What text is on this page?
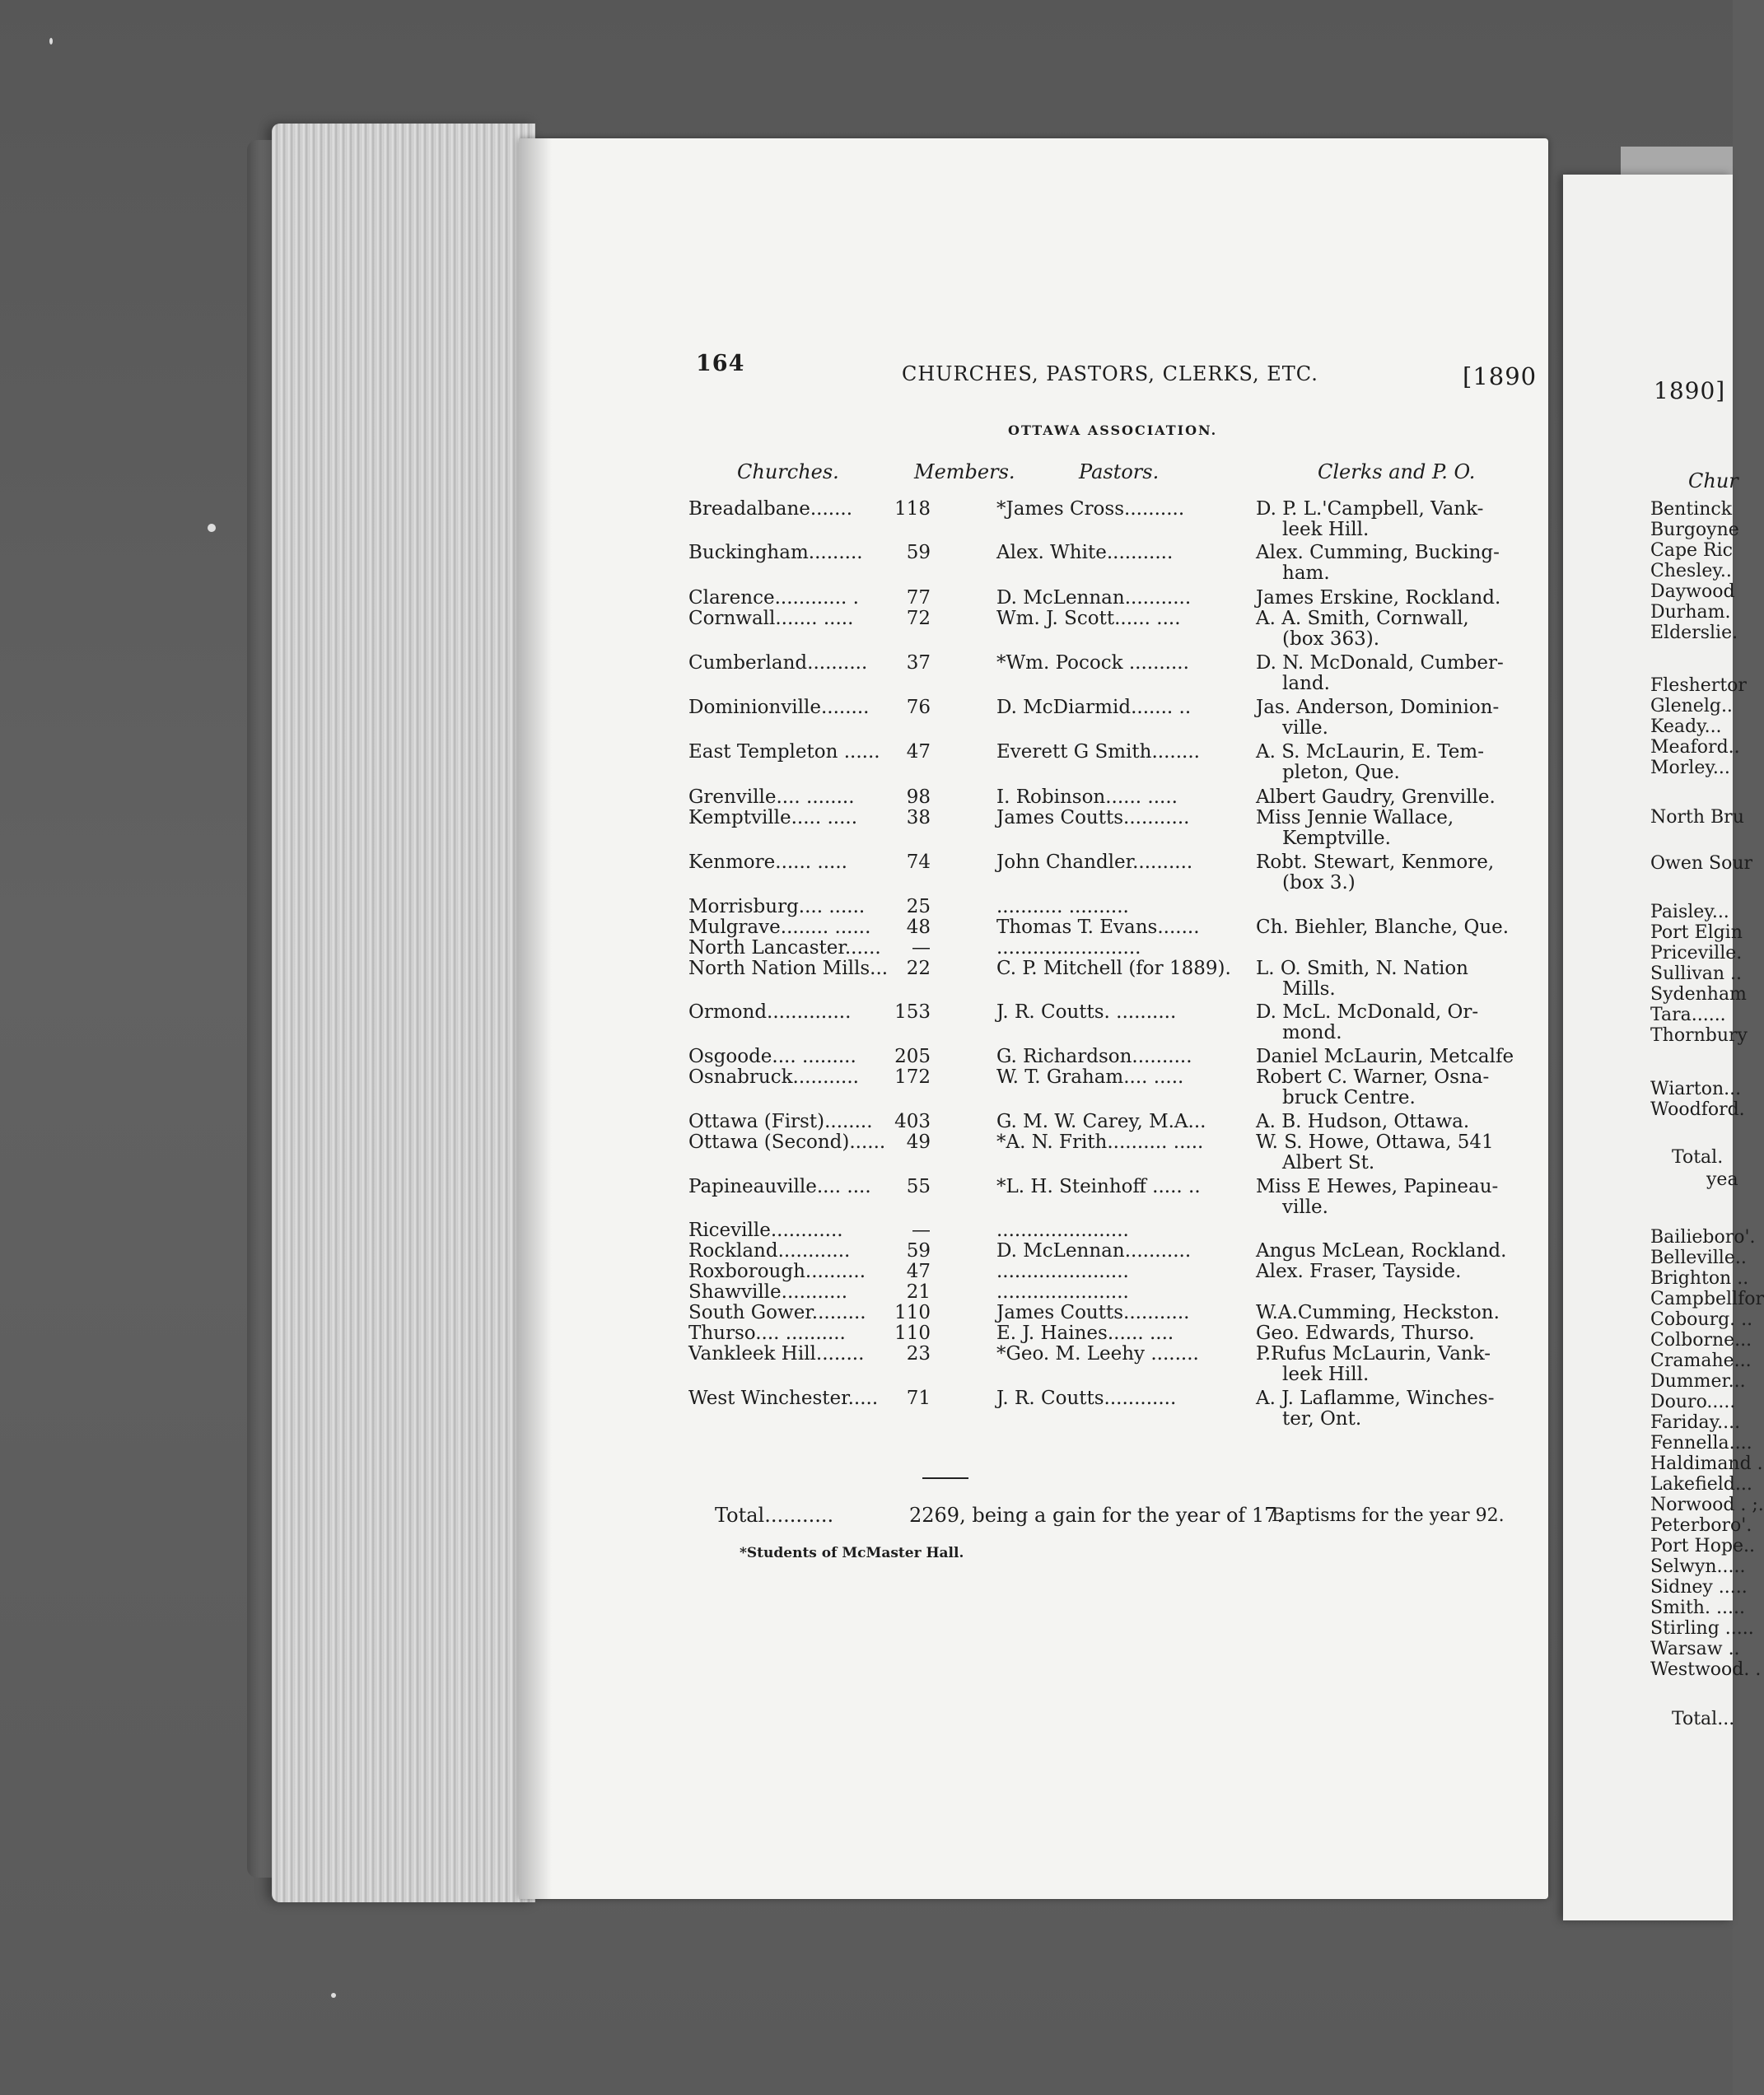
164	CHURCHES, PASTORS, CLERKS, ETC.	[1890
OTTAWA ASSOCIATION.
Churches.	Members.	Pastors.	Clerks and P. O.
Breadalbane.......	118	*James Cross..........	D. P. L.'Campbell, Vank-
leek Hill.
Buckingham.........	59	Alex. White...........	Alex. Cumming, Bucking-
ham.
Clarence............ .	77	D. McLennan...........	James Erskine, Rockland.
Cornwall....... .....	72	Wm. J. Scott...... ....	A. A. Smith, Cornwall,
(box 363).
Cumberland..........	37	*Wm. Pocock ..........	D. N. McDonald, Cumber-
land.
Dominionville........	76	D. McDiarmid....... ..	Jas. Anderson, Dominion-
ville.
East Templeton ......	47	Everett G Smith........	A. S. McLaurin, E. Tem-
pleton, Que.
Grenville.... ........	98	I. Robinson...... .....	Albert Gaudry, Grenville.
Kemptville..... .....	38	James Coutts...........	Miss Jennie Wallace,
Kemptville.
Kenmore...... .....	74	John Chandler..........	Robt. Stewart, Kenmore,
(box 3.)
Morrisburg.... ......	25	........... ..........
Mulgrave........ ......	48	Thomas T. Evans.......	Ch. Biehler, Blanche, Que.
North Lancaster......	—	........................
North Nation Mills... 22	C. P. Mitchell (for 1889). L. O. Smith, N. Nation
Mills.
Ormond..............	153	J. R. Coutts. ..........	D. McL. McDonald, Or-
mond.
Osgoode.... .........	205	G. Richardson..........	Daniel McLaurin, Metcalfe
Osnabruck...........	172	W. T. Graham.... .....	Robert C. Warner, Osna-
bruck Centre.
Ottawa (First)........	403	G. M. W. Carey, M.A...	A. B. Hudson, Ottawa.
Ottawa (Second)......	49	*A. N. Frith.......... .....	W. S. Howe, Ottawa, 541
Albert St.
Papineauville.... ....	55	*L. H. Steinhoff ..... ..	Miss E Hewes, Papineau-
ville.
Riceville............	—	......................
Rockland............	59	D. McLennan...........	Angus McLean, Rockland.
Roxborough..........	47	......................	Alex. Fraser, Tayside.
Shawville...........	21	......................
South Gower.........	110	James Coutts...........	W.A.Cumming, Heckston.
Thurso.... ..........	110	E. J. Haines...... ....	Geo. Edwards, Thurso.
Vankleek Hill........	23	*Geo. M. Leehy ........	P.Rufus McLaurin, Vank-
leek Hill.
West Winchester.....	71	J. R. Coutts............	A. J. Laflamme, Winches-
ter, Ont.
Total...........	2269, being a gain for the year of 17.
Baptisms for the year 92.
*Students of McMaster Hall.
1890]
Chur
Bentinck
Burgoyne
Cape Ric
Chesley..
Daywood
Durham.
Elderslie.
Fleshertor
Glenelg..
Keady...
Meaford..
Morley...
North Bru
Owen Sour
Paisley...
Port Elgin
Priceville.
Sullivan ..
Sydenham
Tara......
Thornbury
Wiarton...
Woodford.
Total.
yea
Bailieboro'.
Belleville..
Brighton ..
Campbellfor
Cobourg. ..
Colborne...
Cramahe...
Dummer...
Douro.....
Fariday....
Fennella....
Haldimand .
Lakefield...
Norwood . ;.
Peterboro'.
Port Hope..
Selwyn.....
Sidney .....
Smith. .....
Stirling .....
Warsaw ..
Westwood. .
Total...
